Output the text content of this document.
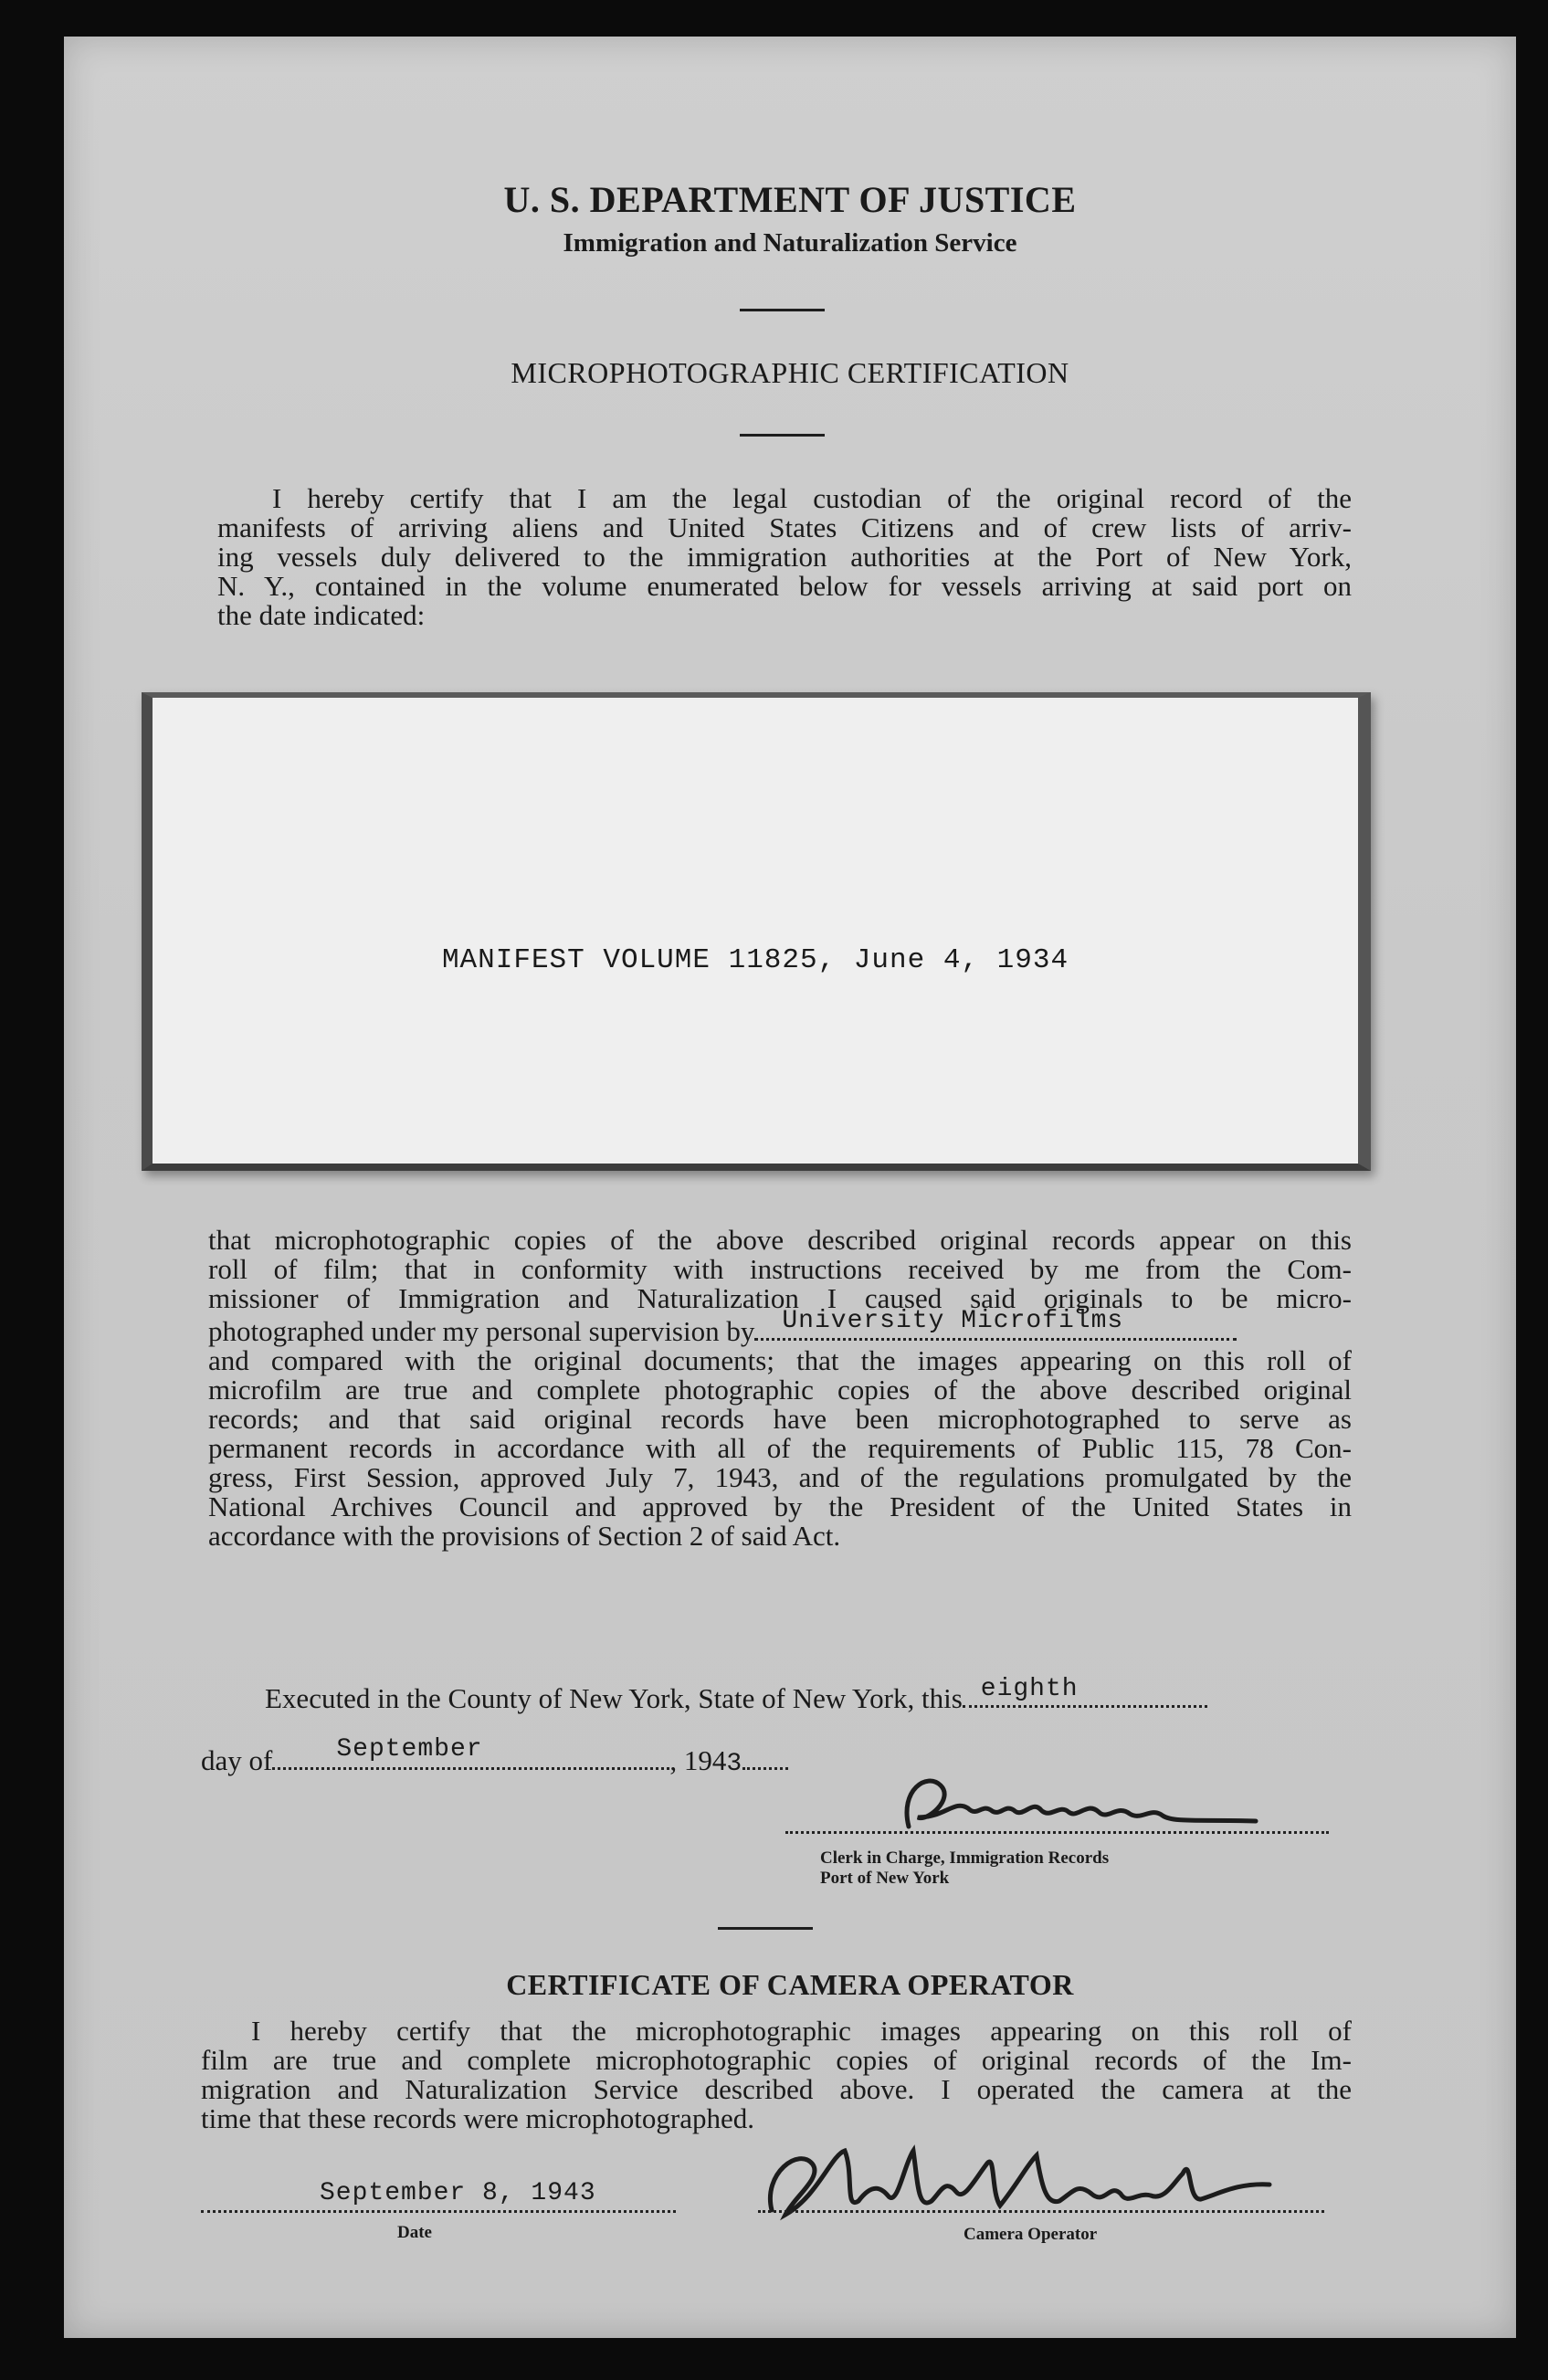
U. S. DEPARTMENT OF JUSTICE
Immigration and Naturalization Service
MICROPHOTOGRAPHIC CERTIFICATION
I hereby certify that I am the legal custodian of the original record of the
manifests of arriving aliens and United States Citizens and of crew lists of arriv-
ing vessels duly delivered to the immigration authorities at the Port of New York,
N. Y., contained in the volume enumerated below for vessels arriving at said port on
the date indicated:
MANIFEST VOLUME 11825, June 4, 1934
that microphotographic copies of the above described original records appear on this
roll of film; that in conformity with instructions received by me from the Com-
missioner of Immigration and Naturalization I caused said originals to be micro-
photographed under my personal supervision by University Microfilms
and compared with the original documents; that the images appearing on this roll of
microfilm are true and complete photographic copies of the above described original
records; and that said original records have been microphotographed to serve as
permanent records in accordance with all of the requirements of Public 115, 78 Con-
gress, First Session, approved July 7, 1943, and of the regulations promulgated by the
National Archives Council and approved by the President of the United States in
accordance with the provisions of Section 2 of said Act.
Executed in the County of New York, State of New York, this eighth
day of	September	, 1943
Clerk in Charge, Immigration Records
Port of New York
CERTIFICATE OF CAMERA OPERATOR
I hereby certify that the microphotographic images appearing on this roll of
film are true and complete microphotographic copies of original records of the Im-
migration and Naturalization Service described above. I operated the camera at the
time that these records were microphotographed.
September 8, 1943
Date	Camera Operator
